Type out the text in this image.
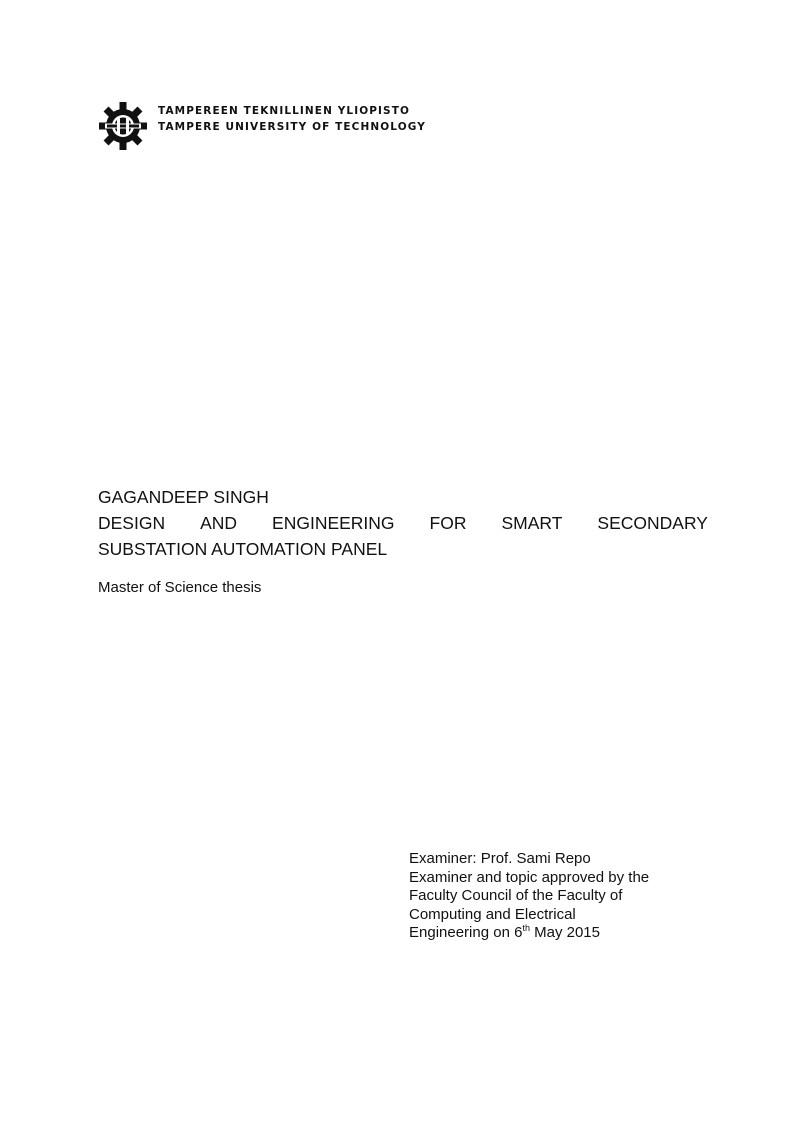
TAMPEREEN TEKNILLINEN YLIOPISTO
TAMPERE UNIVERSITY OF TECHNOLOGY
GAGANDEEP SINGH
DESIGN AND ENGINEERING FOR SMART SECONDARY
SUBSTATION AUTOMATION PANEL
Master of Science thesis
Examiner: Prof. Sami Repo
Examiner and topic approved by the
Faculty Council of the Faculty of
Computing and Electrical
Engineering on 6th May 2015
